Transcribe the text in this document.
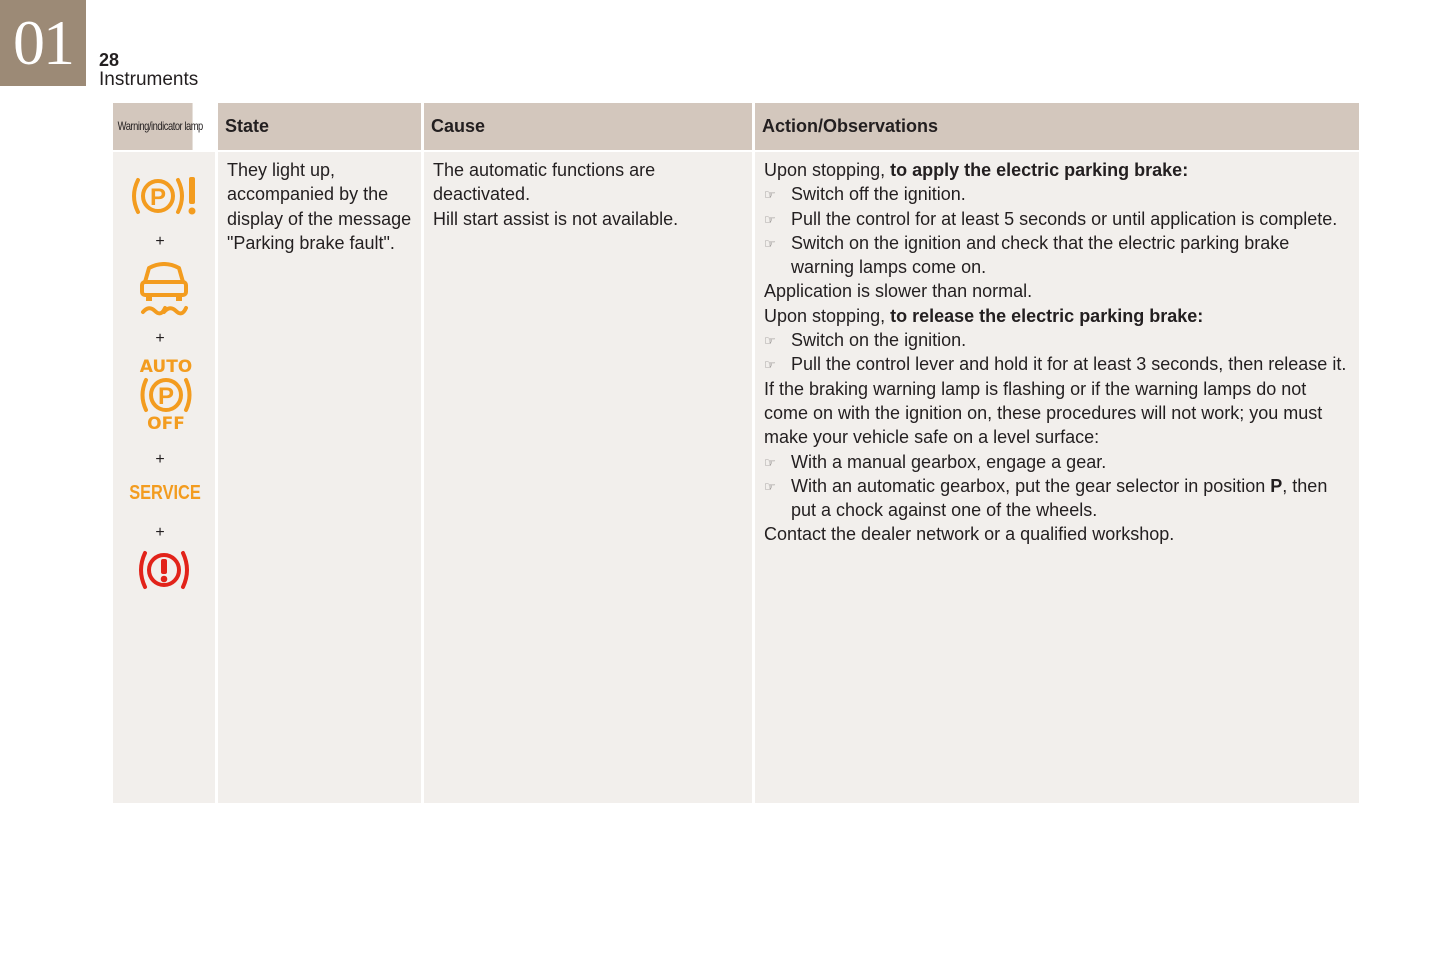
01	28
Instruments
Warning/indicator lamp
P
+
+
AUTO
P
OFF
+
SERVICE
+
State
They light up, accompanied by the display of the message "Parking brake fault".
Cause
The automatic functions are deactivated.
Hill start assist is not available.
Action/Observations
Upon stopping, to apply the electric parking brake:
☞ Switch off the ignition.
☞ Pull the control for at least 5 seconds or until application is complete.
☞ Switch on the ignition and check that the electric parking brake warning lamps come on.
Application is slower than normal.
Upon stopping, to release the electric parking brake:
☞ Switch on the ignition.
☞ Pull the control lever and hold it for at least 3 seconds, then release it.
If the braking warning lamp is flashing or if the warning lamps do not come on with the ignition on, these procedures will not work; you must make your vehicle safe on a level surface:
☞ With a manual gearbox, engage a gear.
☞ With an automatic gearbox, put the gear selector in position P, then put a chock against one of the wheels.
Contact the dealer network or a qualified workshop.
